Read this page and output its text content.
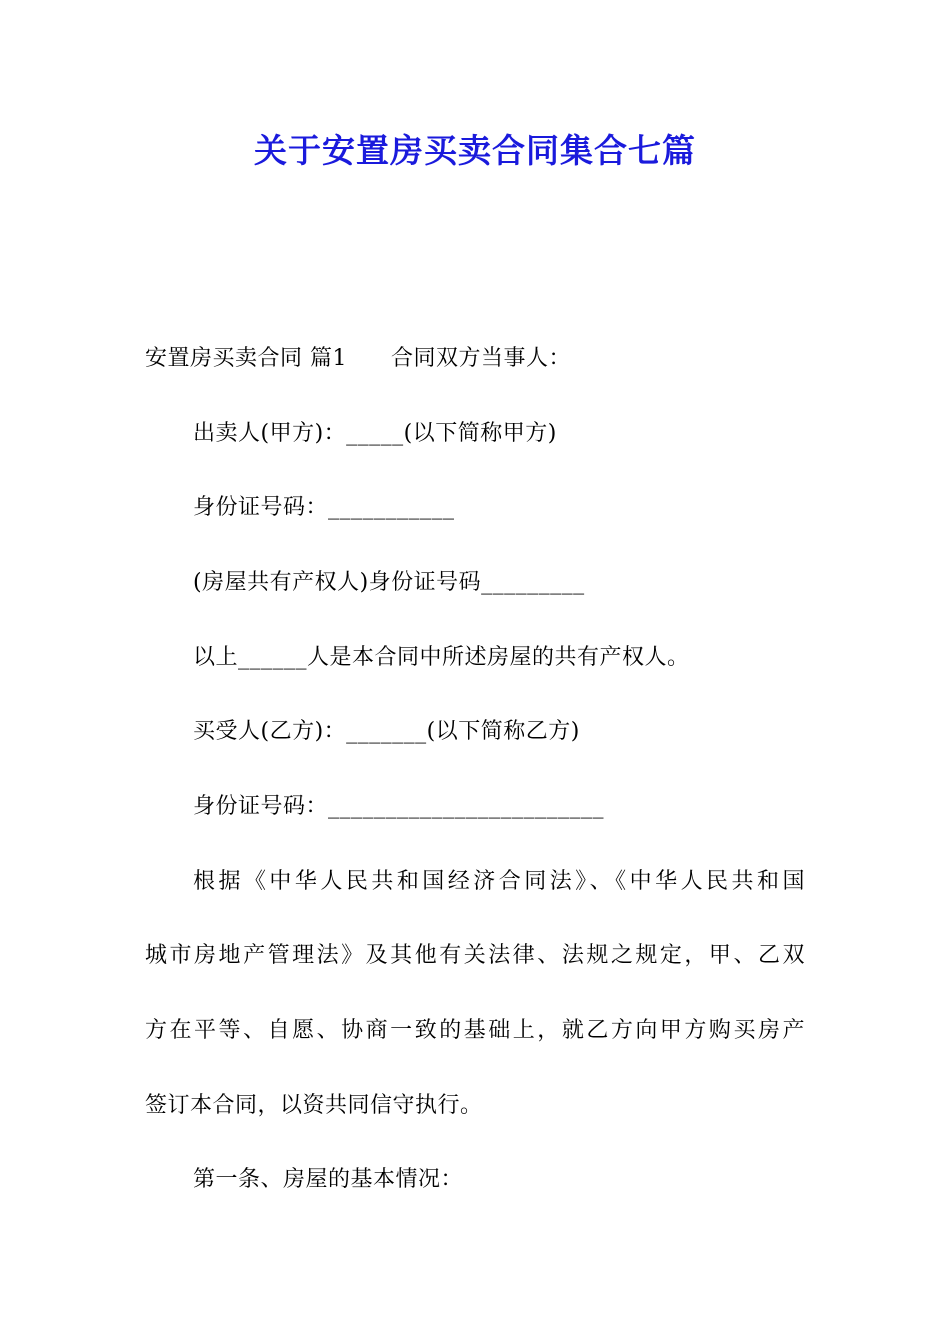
关于安置房买卖合同集合七篇
安置房买卖合同 篇1 合同双方当事人：
出卖人(甲方)：_____(以下简称甲方)
身份证号码：___________
(房屋共有产权人)身份证号码_________
以上______人是本合同中所述房屋的共有产权人。
买受人(乙方)：_______(以下简称乙方)
身份证号码：________________________
根据《中华人民共和国经济合同法》、《中华人民共和国
城市房地产管理法》及其他有关法律、法规之规定，甲、乙双
方在平等、自愿、协商一致的基础上，就乙方向甲方购买房产
签订本合同，以资共同信守执行。
第一条、房屋的基本情况：
